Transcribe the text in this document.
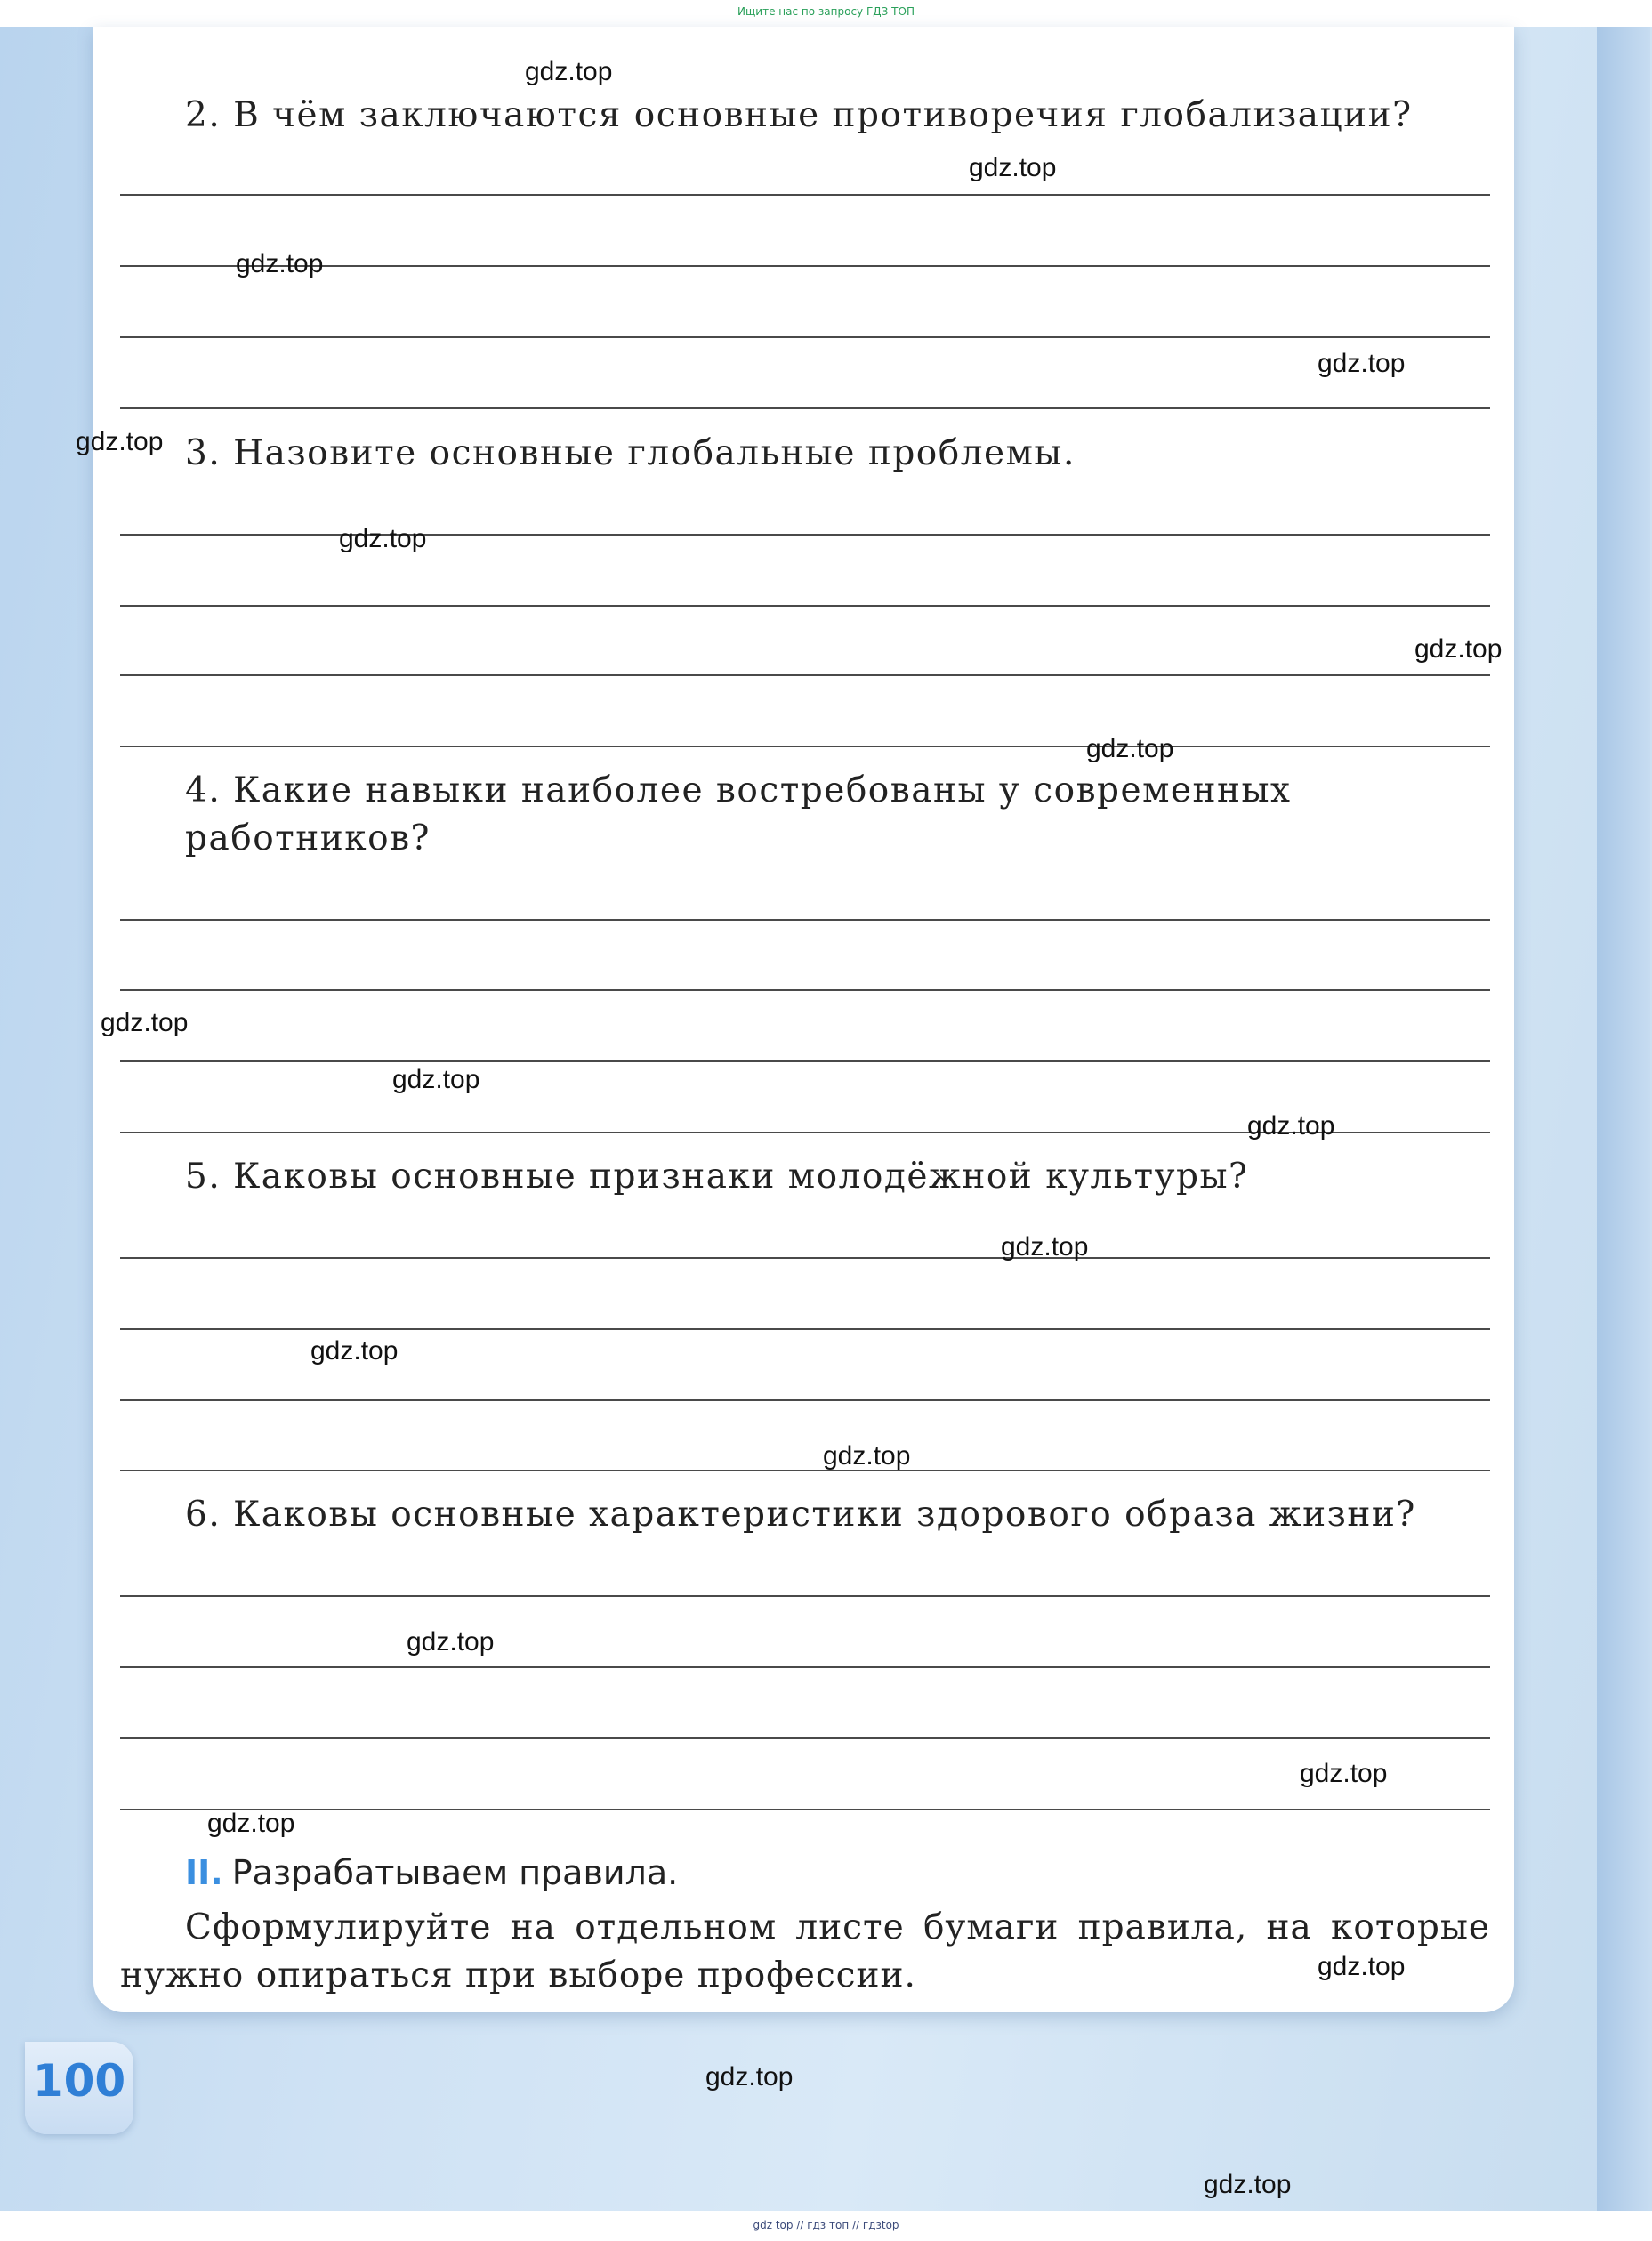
Ищите нас по запросу ГДЗ ТОП
2. В чём заключаются основные противоречия глобализации?
3. Назовите основные глобальные проблемы.
4. Какие навыки наиболее востребованы у современных работников?
5. Каковы основные признаки молодёжной культуры?
6. Каковы основные характеристики здорового образа жизни?
II. Разрабатываем правила.
Сформулируйте на отдельном листе бумаги правила, на которые нужно опираться при выборе профессии.
100
gdz.top
gdz.top
gdz.top
gdz.top
gdz.top
gdz.top
gdz.top
gdz.top
gdz.top
gdz.top
gdz.top
gdz.top
gdz.top
gdz.top
gdz.top
gdz.top
gdz.top
gdz.top
gdz.top
gdz.top
gdz top // гдз топ // гдзtop
